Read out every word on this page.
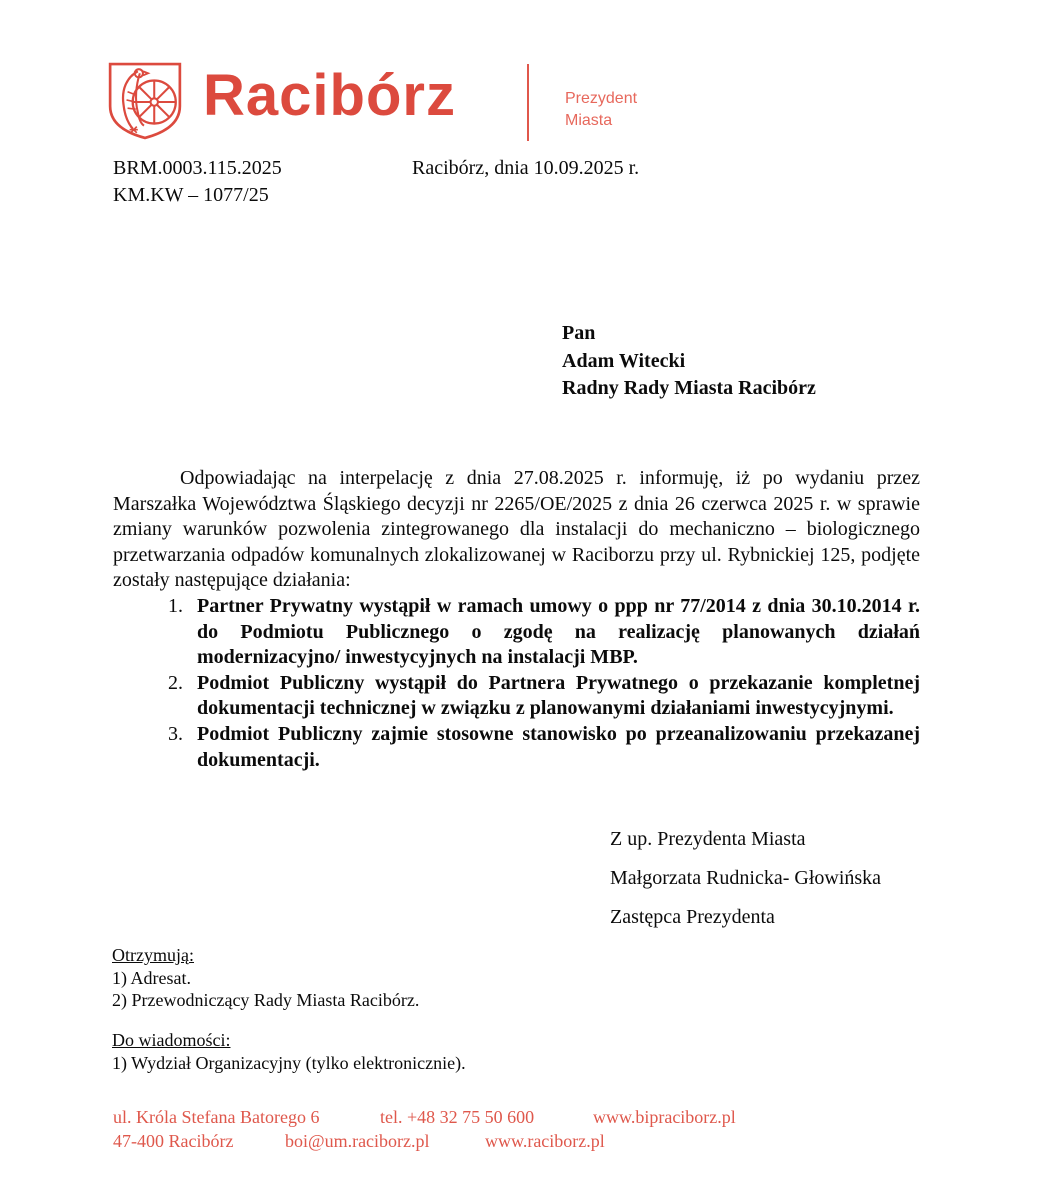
Racibórz	Prezydent
Miasta
BRM.0003.115.2025
KM.KW – 1077/25
Racibórz, dnia 10.09.2025 r.
Pan
Adam Witecki
Radny Rady Miasta Racibórz

Odpowiadając na interpelację z dnia 27.08.2025 r. informuję, iż po wydaniu przez Marszałka Województwa Śląskiego decyzji nr 2265/OE/2025 z dnia 26 czerwca 2025 r. w sprawie zmiany warunków pozwolenia zintegrowanego dla instalacji do mechaniczno – biologicznego przetwarzania odpadów komunalnych zlokalizowanej w Raciborzu przy ul. Rybnickiej 125, podjęte zostały następujące działania:

1. Partner Prywatny wystąpił w ramach umowy o ppp nr 77/2014 z dnia 30.10.2014 r. do Podmiotu Publicznego o zgodę na realizację planowanych działań modernizacyjno/ inwestycyjnych na instalacji MBP.
2. Podmiot Publiczny wystąpił do Partnera Prywatnego o przekazanie kompletnej dokumentacji technicznej w związku z planowanymi działaniami inwestycyjnymi.
3. Podmiot Publiczny zajmie stosowne stanowisko po przeanalizowaniu przekazanej dokumentacji.
Z up. Prezydenta Miasta
Małgorzata Rudnicka- Głowińska
Zastępca Prezydenta
Otrzymują:
1) Adresat.
2) Przewodniczący Rady Miasta Racibórz.
Do wiadomości:
1) Wydział Organizacyjny (tylko elektronicznie).
ul. Króla Stefana Batorego 6	tel. +48 32 75 50 600	www.bipraciborz.pl
47-400 Racibórz	boi@um.raciborz.pl	www.raciborz.pl
